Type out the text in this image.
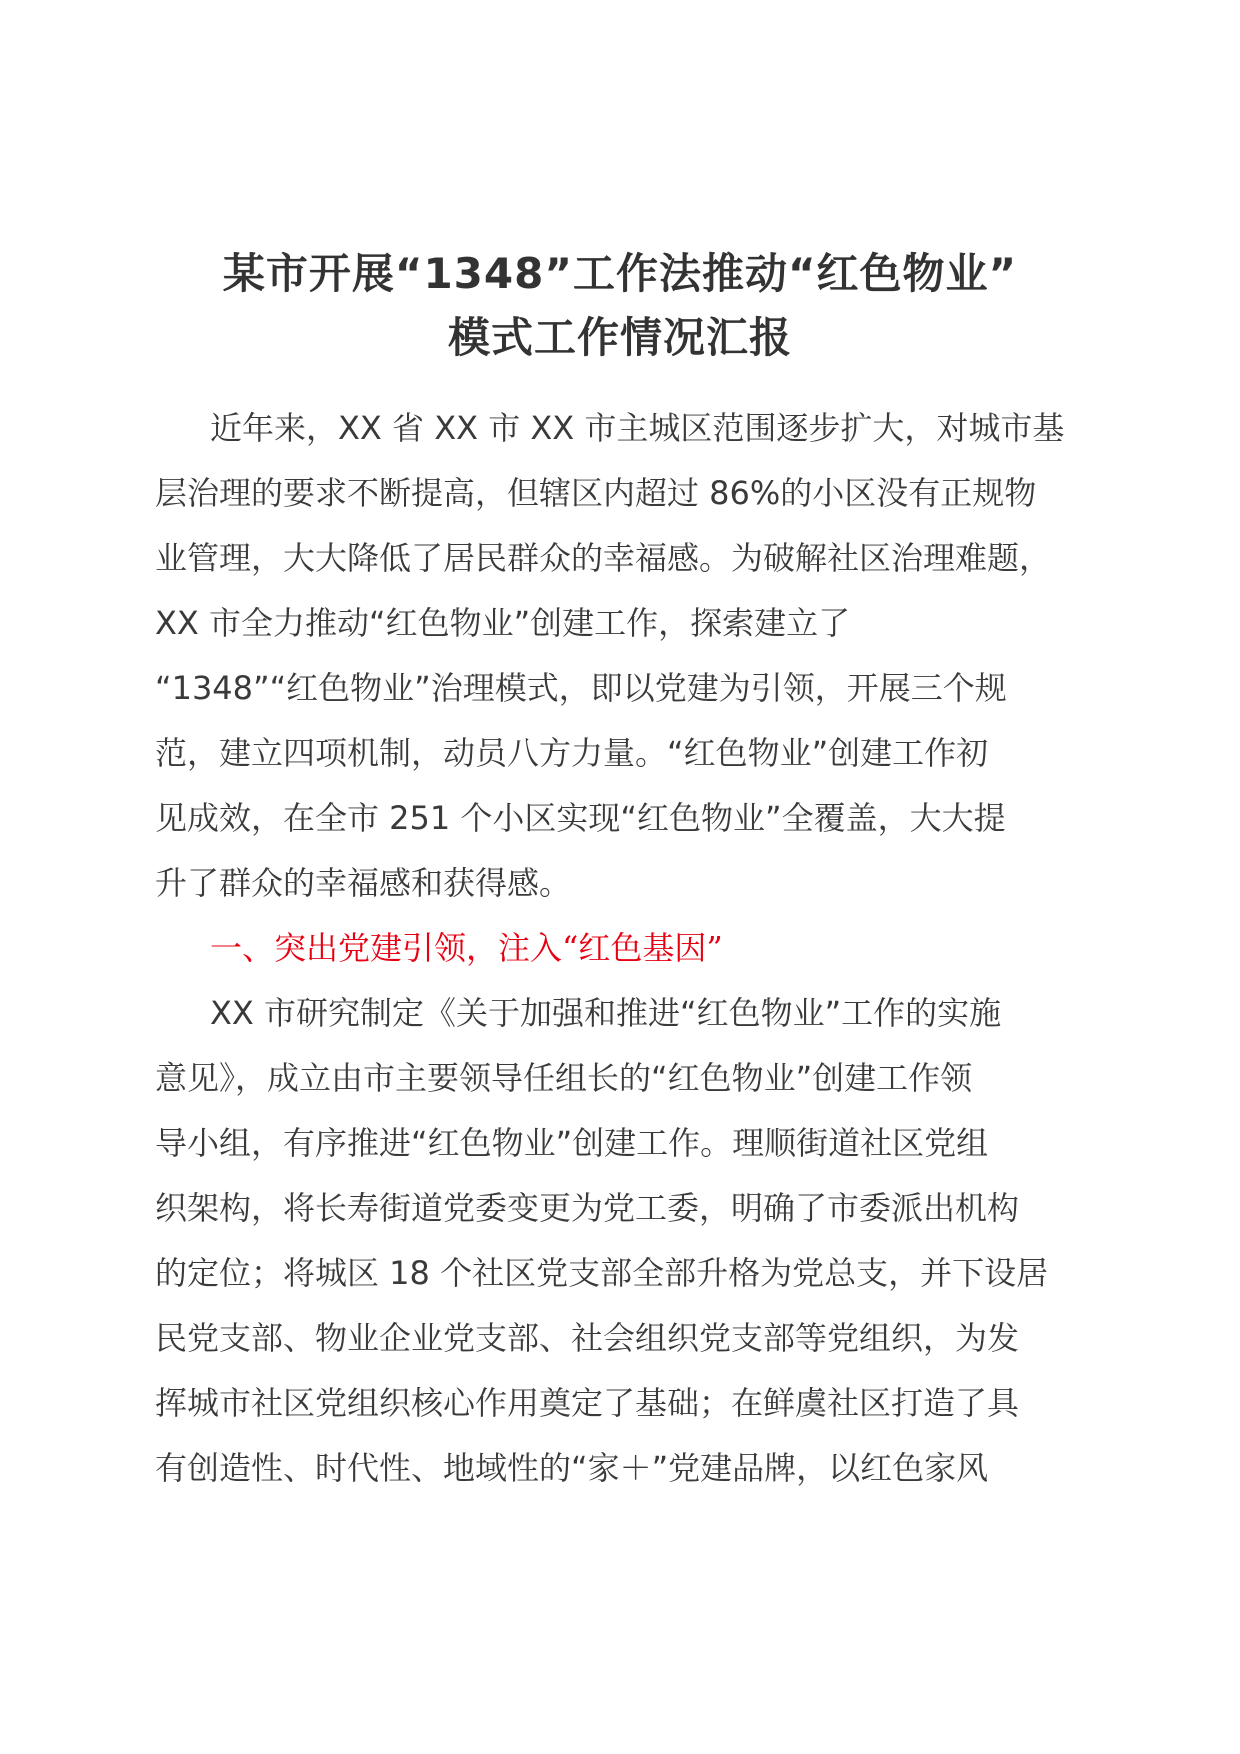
某市开展“1348”工作法推动“红色物业”
模式工作情况汇报
近年来，XX 省 XX 市 XX 市主城区范围逐步扩大，对城市基
层治理的要求不断提高，但辖区内超过 86%的小区没有正规物
业管理，大大降低了居民群众的幸福感。为破解社区治理难题，
XX 市全力推动“红色物业”创建工作，探索建立了
“1348”“红色物业”治理模式，即以党建为引领，开展三个规
范，建立四项机制，动员八方力量。“红色物业”创建工作初
见成效，在全市 251 个小区实现“红色物业”全覆盖，大大提
升了群众的幸福感和获得感。
一、突出党建引领，注入“红色基因”
XX 市研究制定《关于加强和推进“红色物业”工作的实施
意见》，成立由市主要领导任组长的“红色物业”创建工作领
导小组，有序推进“红色物业”创建工作。理顺街道社区党组
织架构，将长寿街道党委变更为党工委，明确了市委派出机构
的定位；将城区 18 个社区党支部全部升格为党总支，并下设居
民党支部、物业企业党支部、社会组织党支部等党组织，为发
挥城市社区党组织核心作用奠定了基础；在鲜虞社区打造了具
有创造性、时代性、地域性的“家＋”党建品牌，以红色家风
